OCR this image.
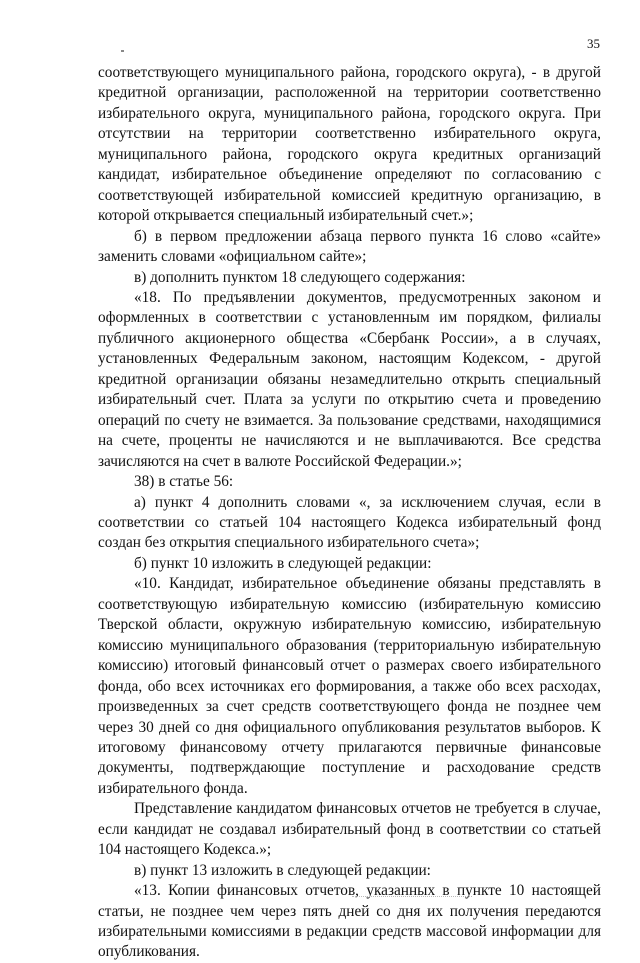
35

соответствующего муниципального района, городского округа), - в другой кредитной организации, расположенной на территории соответственно избирательного округа, муниципального района, городского округа. При отсутствии на территории соответственно избирательного округа, муниципального района, городского округа кредитных организаций кандидат, избирательное объединение определяют по согласованию с соответствующей избирательной комиссией кредитную организацию, в которой открывается специальный избирательный счет.»;

б) в первом предложении абзаца первого пункта 16 слово «сайте» заменить словами «официальном сайте»;

в) дополнить пунктом 18 следующего содержания:

«18. По предъявлении документов, предусмотренных законом и оформленных в соответствии с установленным им порядком, филиалы публичного акционерного общества «Сбербанк России», а в случаях, установленных Федеральным законом, настоящим Кодексом, - другой кредитной организации обязаны незамедлительно открыть специальный избирательный счет. Плата за услуги по открытию счета и проведению операций по счету не взимается. За пользование средствами, находящимися на счете, проценты не начисляются и не выплачиваются. Все средства зачисляются на счет в валюте Российской Федерации.»;

38) в статье 56:

а) пункт 4 дополнить словами «, за исключением случая, если в соответствии со статьей 104 настоящего Кодекса избирательный фонд создан без открытия специального избирательного счета»;

б) пункт 10 изложить в следующей редакции:

«10. Кандидат, избирательное объединение обязаны представлять в соответствующую избирательную комиссию (избирательную комиссию Тверской области, окружную избирательную комиссию, избирательную комиссию муниципального образования (территориальную избирательную комиссию) итоговый финансовый отчет о размерах своего избирательного фонда, обо всех источниках его формирования, а также обо всех расходах, произведенных за счет средств соответствующего фонда не позднее чем через 30 дней со дня официального опубликования результатов выборов. К итоговому финансовому отчету прилагаются первичные финансовые документы, подтверждающие поступление и расходование средств избирательного фонда.

Представление кандидатом финансовых отчетов не требуется в случае, если кандидат не создавал избирательный фонд в соответствии со статьей 104 настоящего Кодекса.»;

в) пункт 13 изложить в следующей редакции:

«13. Копии финансовых отчетов, указанных в пункте 10 настоящей статьи, не позднее чем через пять дней со дня их получения передаются избирательными комиссиями в редакции средств массовой информации для опубликования.
